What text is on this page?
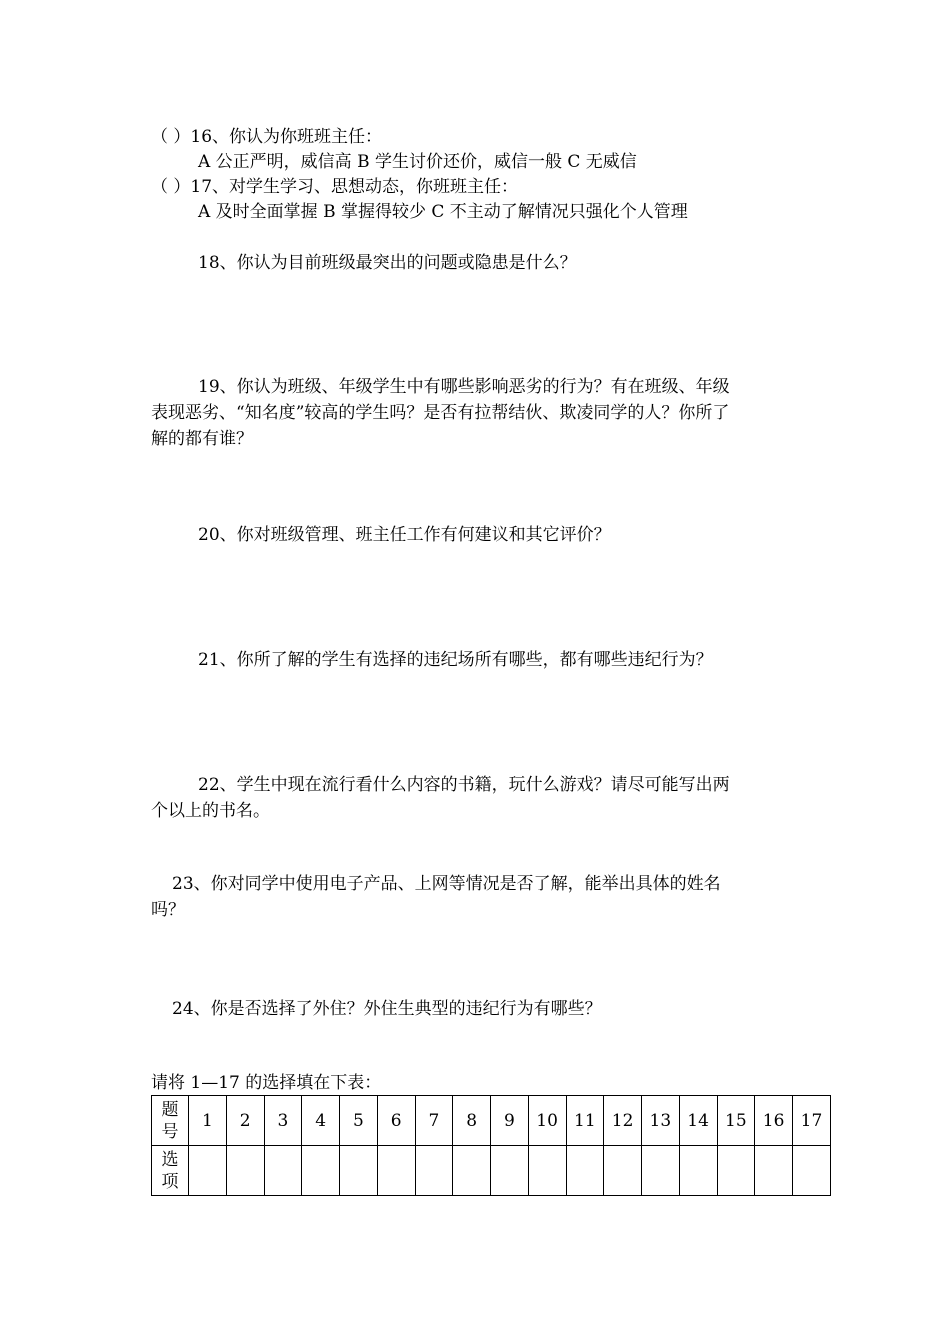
（ ）16、你认为你班班主任：
A 公正严明，威信高 B 学生讨价还价，威信一般 C 无威信
（ ）17、对学生学习、思想动态，你班班主任：
A 及时全面掌握 B 掌握得较少 C 不主动了解情况只强化个人管理
18、你认为目前班级最突出的问题或隐患是什么？
19、你认为班级、年级学生中有哪些影响恶劣的行为？有在班级、年级
表现恶劣、“知名度”较高的学生吗？是否有拉帮结伙、欺凌同学的人？你所了
解的都有谁？
20、你对班级管理、班主任工作有何建议和其它评价？
21、你所了解的学生有选择的违纪场所有哪些，都有哪些违纪行为？
22、学生中现在流行看什么内容的书籍，玩什么游戏？请尽可能写出两
个以上的书名。
23、你对同学中使用电子产品、上网等情况是否了解，能举出具体的姓名
吗？
24、你是否选择了外住？外住生典型的违纪行为有哪些？
请将 1—17 的选择填在下表：
题号	1	2	3	4	5	6	7	8	9	10	11	12	13	14	15	16	17
选项																	
